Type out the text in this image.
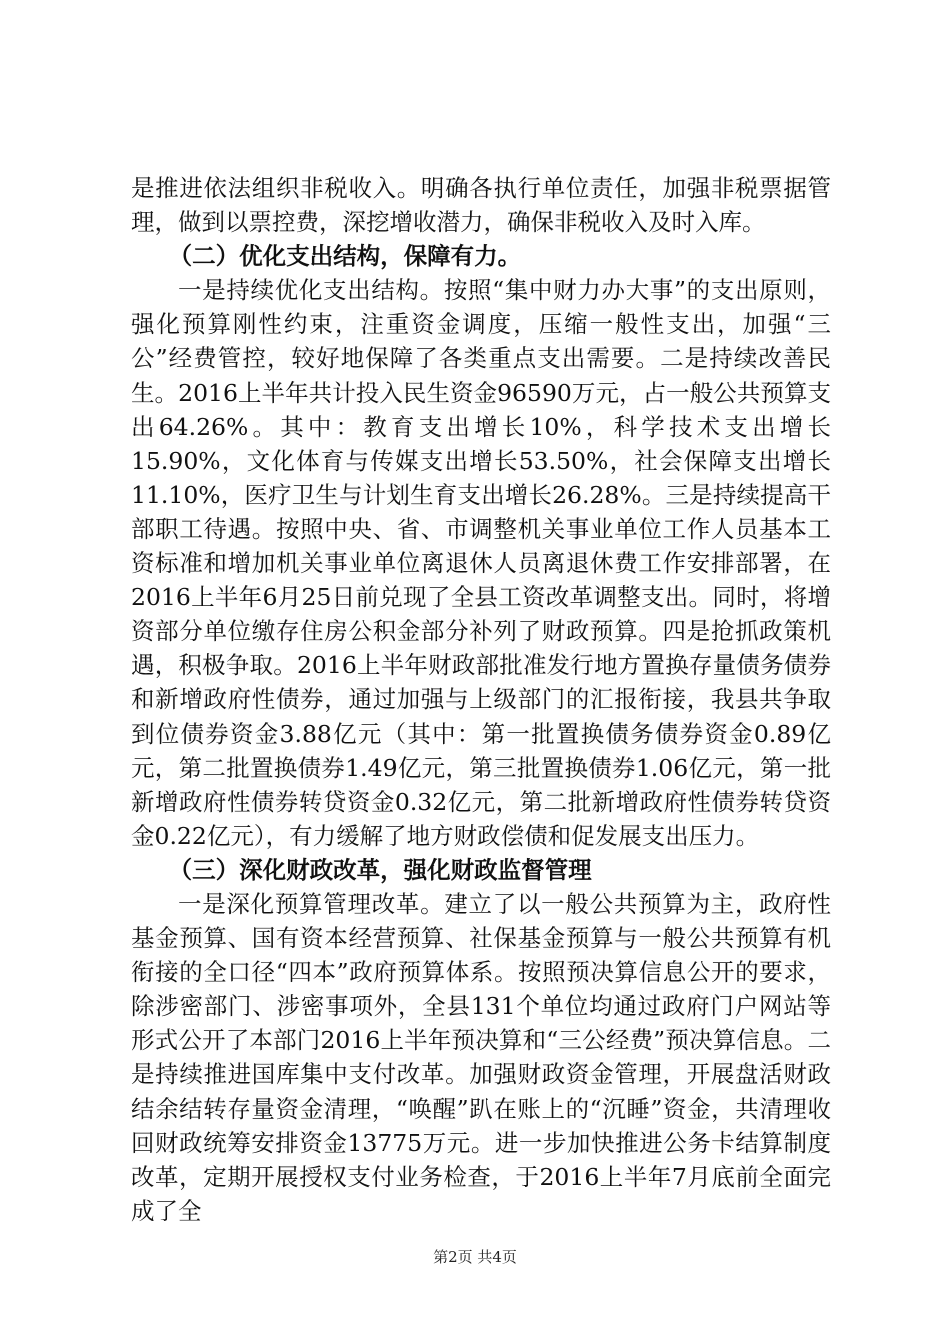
是推进依法组织非税收入。明确各执行单位责任，加强非税票据管理，做到以票控费，深挖增收潜力，确保非税收入及时入库。

（二）优化支出结构，保障有力。

一是持续优化支出结构。按照“集中财力办大事”的支出原则，强化预算刚性约束，注重资金调度，压缩一般性支出，加强“三公”经费管控，较好地保障了各类重点支出需要。二是持续改善民生。2016上半年共计投入民生资金96590万元，占一般公共预算支出64.26%。其中：教育支出增长10%，科学技术支出增长15.90%，文化体育与传媒支出增长53.50%，社会保障支出增长11.10%，医疗卫生与计划生育支出增长26.28%。三是持续提高干部职工待遇。按照中央、省、市调整机关事业单位工作人员基本工资标准和增加机关事业单位离退休人员离退休费工作安排部署，在2016上半年6月25日前兑现了全县工资改革调整支出。同时，将增资部分单位缴存住房公积金部分补列了财政预算。四是抢抓政策机遇，积极争取。2016上半年财政部批准发行地方置换存量债务债券和新增政府性债券，通过加强与上级部门的汇报衔接，我县共争取到位债券资金3.88亿元（其中：第一批置换债务债券资金0.89亿元，第二批置换债券1.49亿元，第三批置换债券1.06亿元，第一批新增政府性债券转贷资金0.32亿元，第二批新增政府性债券转贷资金0.22亿元），有力缓解了地方财政偿债和促发展支出压力。

（三）深化财政改革，强化财政监督管理

一是深化预算管理改革。建立了以一般公共预算为主，政府性基金预算、国有资本经营预算、社保基金预算与一般公共预算有机衔接的全口径“四本”政府预算体系。按照预决算信息公开的要求，除涉密部门、涉密事项外，全县131个单位均通过政府门户网站等形式公开了本部门2016上半年预决算和“三公经费”预决算信息。二是持续推进国库集中支付改革。加强财政资金管理，开展盘活财政结余结转存量资金清理，“唤醒”趴在账上的“沉睡”资金，共清理收回财政统筹安排资金13775万元。进一步加快推进公务卡结算制度改革，定期开展授权支付业务检查，于2016上半年7月底前全面完成了全

第2页 共4页
